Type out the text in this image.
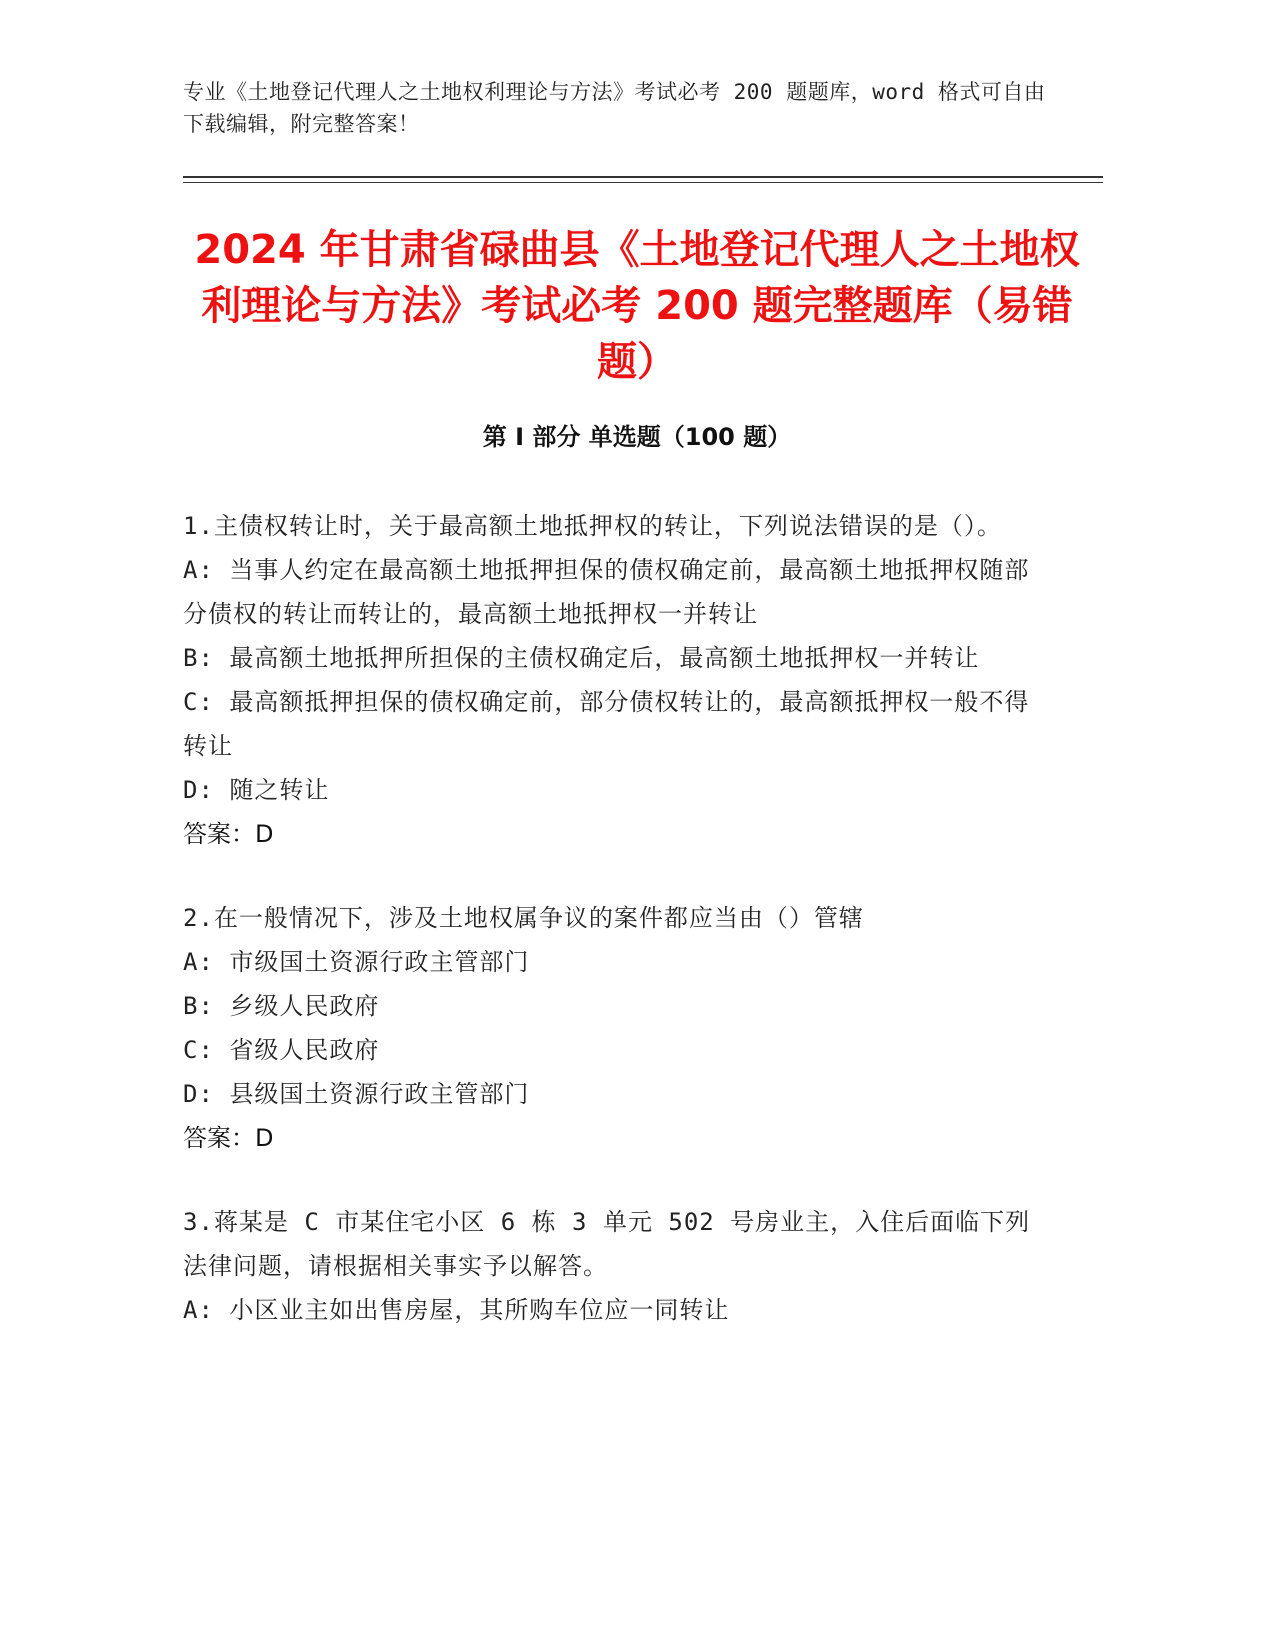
专业《土地登记代理人之土地权利理论与方法》考试必考 200 题题库，word 格式可自由下载编辑，附完整答案！
2024 年甘肃省碌曲县《土地登记代理人之土地权利理论与方法》考试必考 200 题完整题库（易错题）
第 I 部分 单选题（100 题）

1.主债权转让时，关于最高额土地抵押权的转让，下列说法错误的是（）。

A: 当事人约定在最高额土地抵押担保的债权确定前，最高额土地抵押权随部分债权的转让而转让的，最高额土地抵押权一并转让

B: 最高额土地抵押所担保的主债权确定后，最高额土地抵押权一并转让

C: 最高额抵押担保的债权确定前，部分债权转让的，最高额抵押权一般不得转让

D: 随之转让

答案：D

2.在一般情况下，涉及土地权属争议的案件都应当由（）管辖

A: 市级国土资源行政主管部门

B: 乡级人民政府

C: 省级人民政府

D: 县级国土资源行政主管部门

答案：D

3.蒋某是 C 市某住宅小区 6 栋 3 单元 502 号房业主，入住后面临下列法律问题，请根据相关事实予以解答。

A: 小区业主如出售房屋，其所购车位应一同转让
